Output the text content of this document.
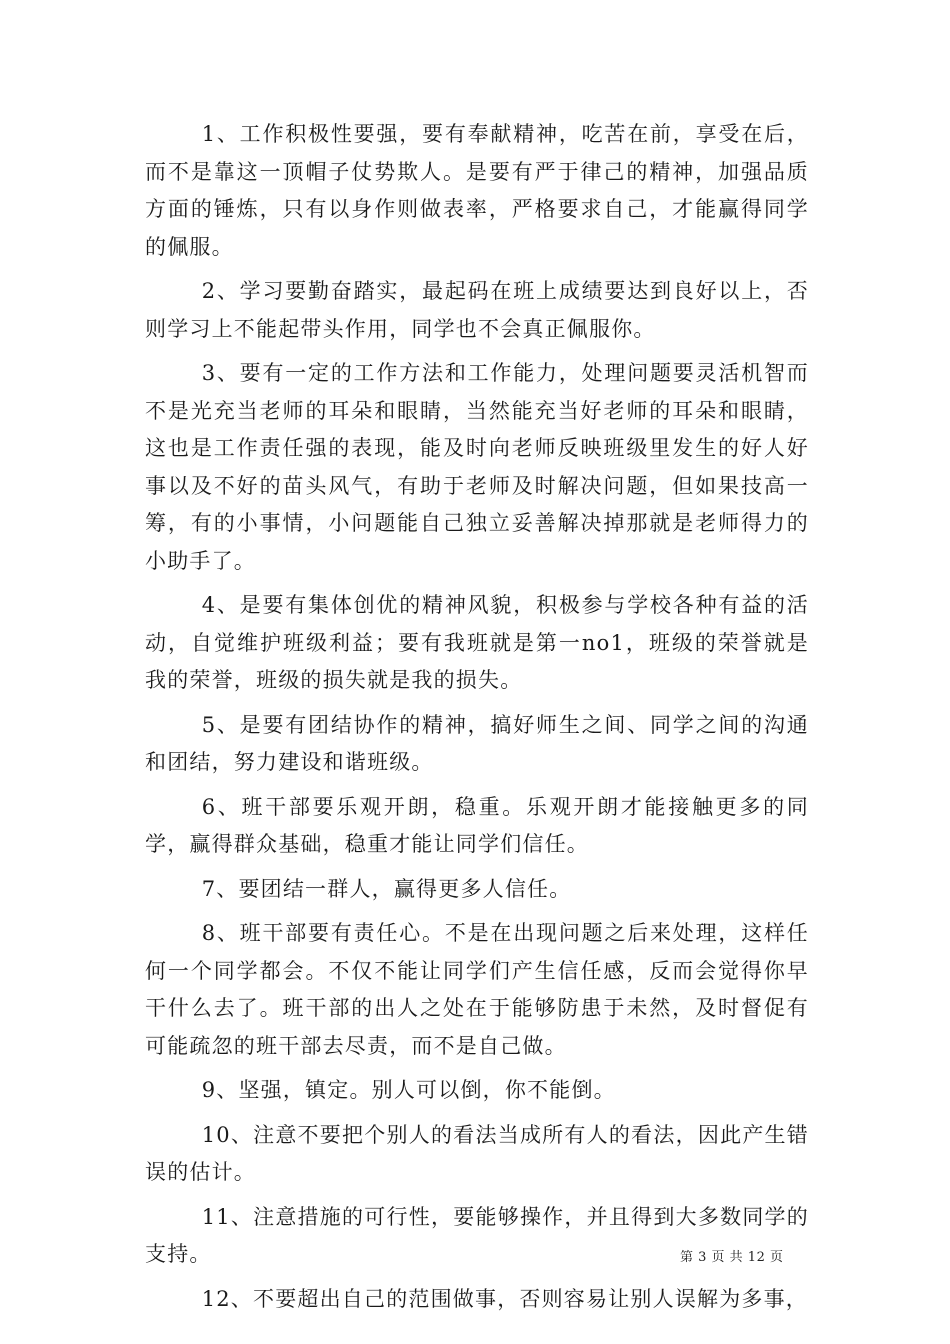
1、工作积极性要强，要有奉献精神，吃苦在前，享受在后，而不是靠这一顶帽子仗势欺人。是要有严于律己的精神，加强品质方面的锤炼，只有以身作则做表率，严格要求自己，才能赢得同学的佩服。

2、学习要勤奋踏实，最起码在班上成绩要达到良好以上，否则学习上不能起带头作用，同学也不会真正佩服你。

3、要有一定的工作方法和工作能力，处理问题要灵活机智而不是光充当老师的耳朵和眼睛，当然能充当好老师的耳朵和眼睛，这也是工作责任强的表现，能及时向老师反映班级里发生的好人好事以及不好的苗头风气，有助于老师及时解决问题，但如果技高一筹，有的小事情，小问题能自己独立妥善解决掉那就是老师得力的小助手了。

4、是要有集体创优的精神风貌，积极参与学校各种有益的活动，自觉维护班级利益；要有我班就是第一no1，班级的荣誉就是我的荣誉，班级的损失就是我的损失。

5、是要有团结协作的精神，搞好师生之间、同学之间的沟通和团结，努力建设和谐班级。

6、班干部要乐观开朗，稳重。乐观开朗才能接触更多的同学，赢得群众基础，稳重才能让同学们信任。

7、要团结一群人，赢得更多人信任。

8、班干部要有责任心。不是在出现问题之后来处理，这样任何一个同学都会。不仅不能让同学们产生信任感，反而会觉得你早干什么去了。班干部的出人之处在于能够防患于未然，及时督促有可能疏忽的班干部去尽责，而不是自己做。

9、坚强，镇定。别人可以倒，你不能倒。

10、注意不要把个别人的看法当成所有人的看法，因此产生错误的估计。

11、注意措施的可行性，要能够操作，并且得到大多数同学的支持。

12、不要超出自己的范围做事，否则容易让别人误解为多事，

第 3 页 共 12 页
